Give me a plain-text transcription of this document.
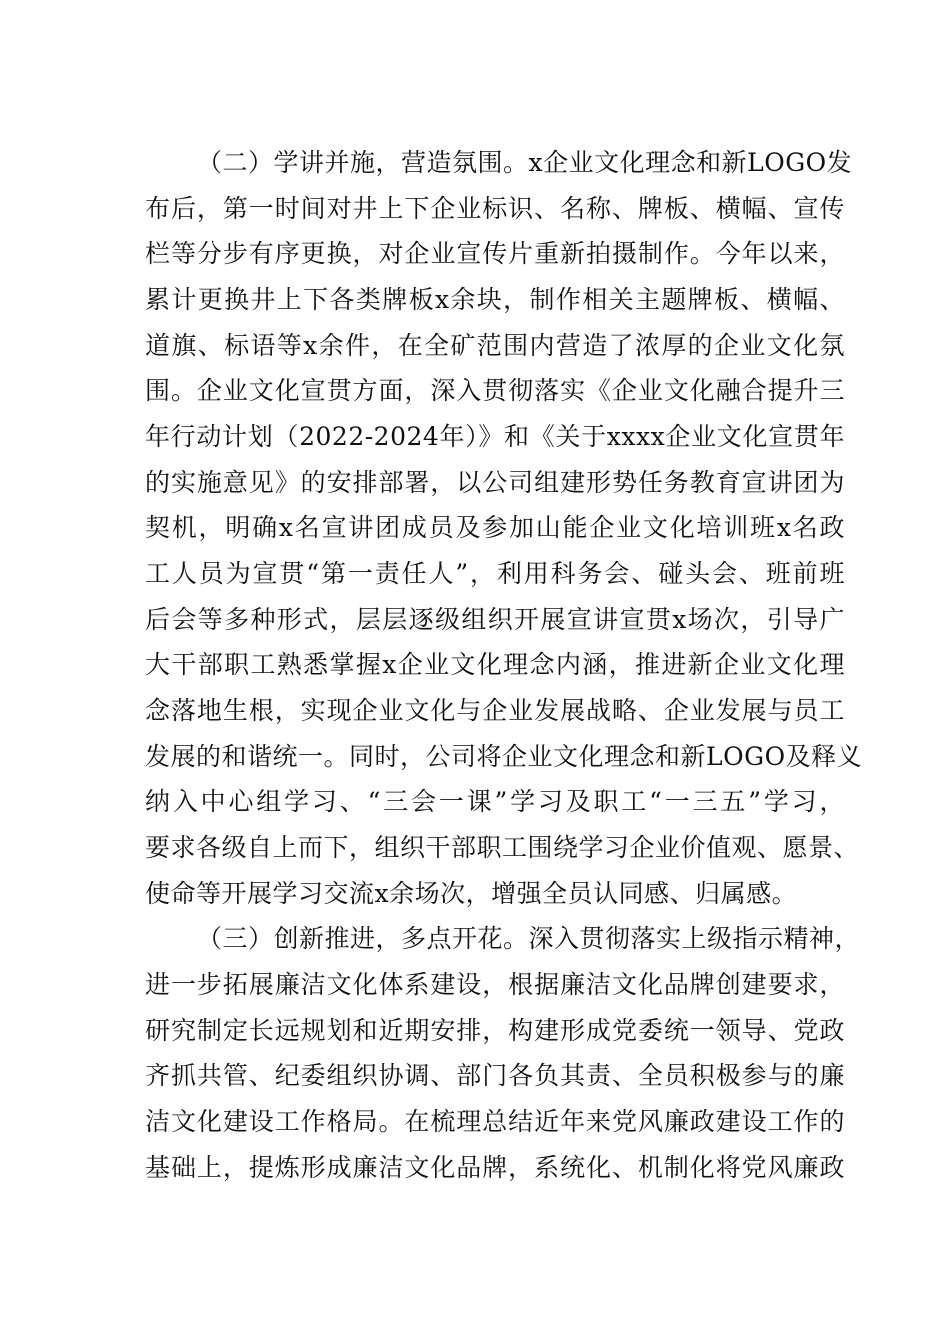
（二）学讲并施，营造氛围。x企业文化理念和新LOGO发
布后，第一时间对井上下企业标识、名称、牌板、横幅、宣传
栏等分步有序更换，对企业宣传片重新拍摄制作。今年以来，
累计更换井上下各类牌板x余块，制作相关主题牌板、横幅、
道旗、标语等x余件，在全矿范围内营造了浓厚的企业文化氛
围。企业文化宣贯方面，深入贯彻落实《企业文化融合提升三
年行动计划（2022-2024年）》和《关于xxxx企业文化宣贯年
的实施意见》的安排部署，以公司组建形势任务教育宣讲团为
契机，明确x名宣讲团成员及参加山能企业文化培训班x名政
工人员为宣贯“第一责任人”，利用科务会、碰头会、班前班
后会等多种形式，层层逐级组织开展宣讲宣贯x场次，引导广
大干部职工熟悉掌握x企业文化理念内涵，推进新企业文化理
念落地生根，实现企业文化与企业发展战略、企业发展与员工
发展的和谐统一。同时，公司将企业文化理念和新LOGO及释义
纳入中心组学习、“三会一课”学习及职工“一三五”学习，
要求各级自上而下，组织干部职工围绕学习企业价值观、愿景、
使命等开展学习交流x余场次，增强全员认同感、归属感。
（三）创新推进，多点开花。深入贯彻落实上级指示精神，
进一步拓展廉洁文化体系建设，根据廉洁文化品牌创建要求，
研究制定长远规划和近期安排，构建形成党委统一领导、党政
齐抓共管、纪委组织协调、部门各负其责、全员积极参与的廉
洁文化建设工作格局。在梳理总结近年来党风廉政建设工作的
基础上，提炼形成廉洁文化品牌，系统化、机制化将党风廉政
